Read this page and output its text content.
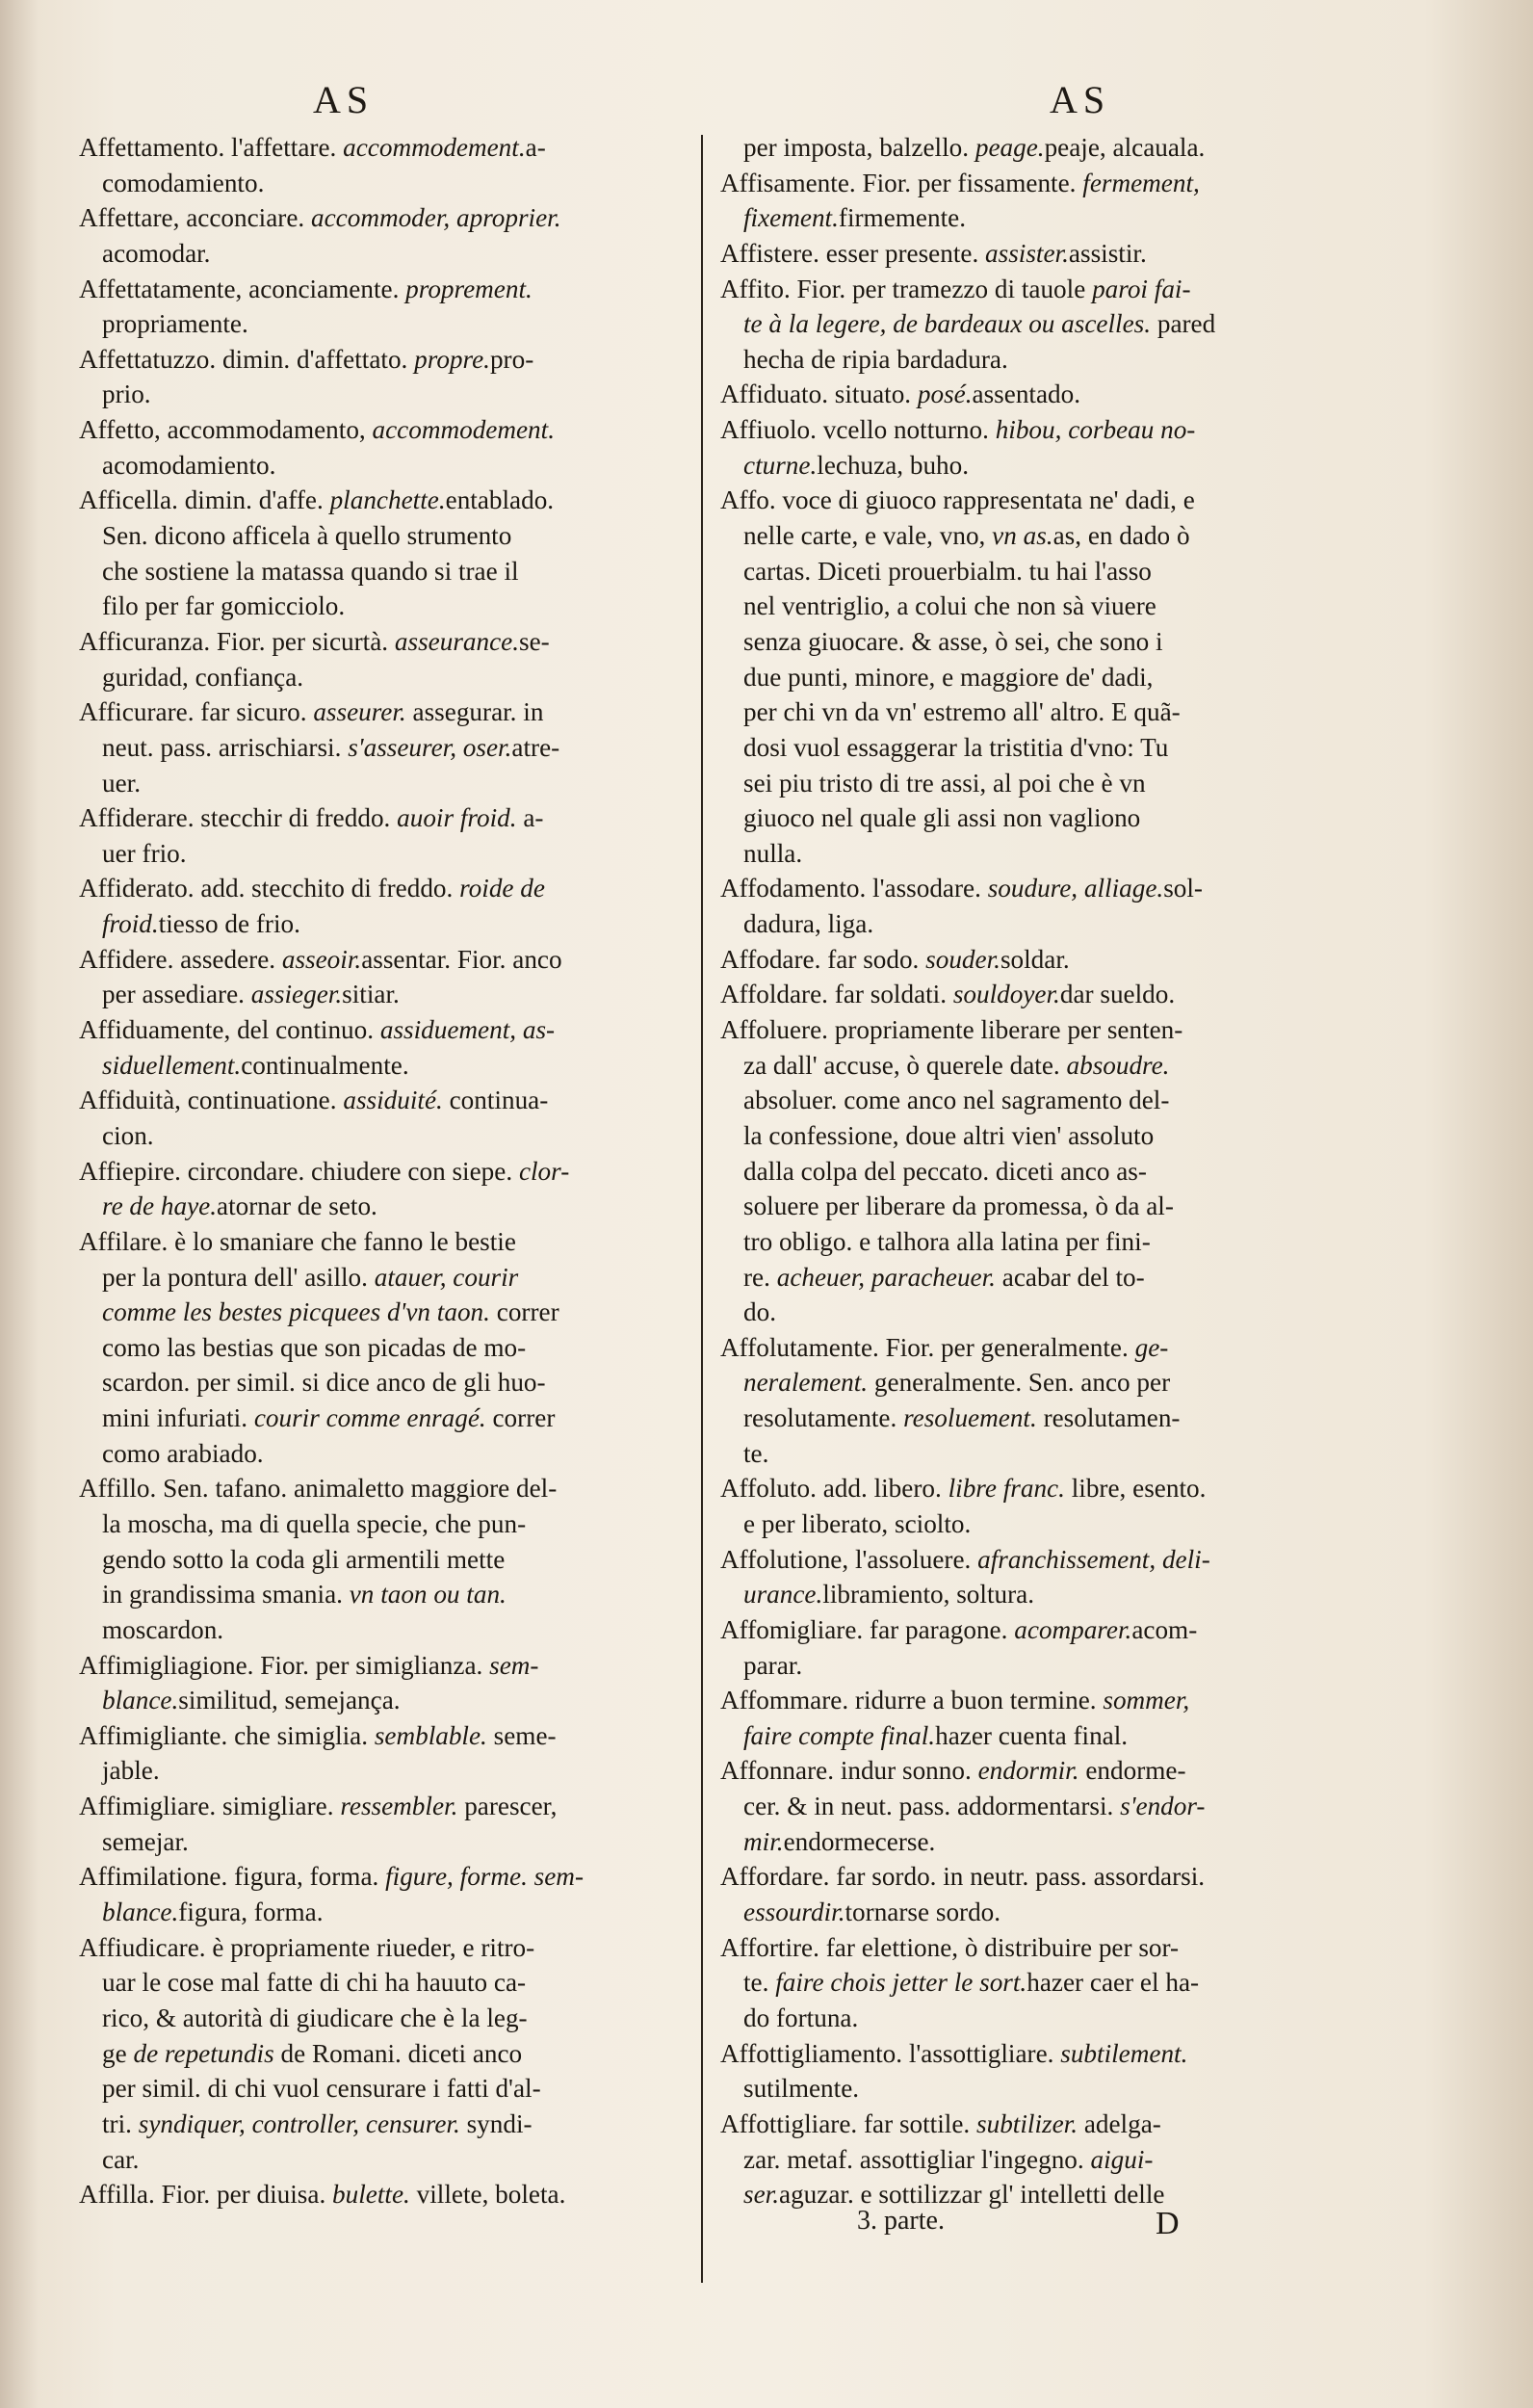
AS	AS
Affettamento. l'affettare. accommodement.a-
comodamiento.
Affettare, acconciare. accommoder, aproprier.
acomodar.
Affettatamente, aconciamente. proprement.
propriamente.
Affettatuzzo. dimin. d'affettato. propre.pro-
prio.
Affetto, accommodamento, accommodement.
acomodamiento.
Afficella. dimin. d'affe. planchette.entablado.
Sen. dicono afficela à quello strumento
che sostiene la matassa quando si trae il
filo per far gomicciolo.
Afficuranza. Fior. per sicurtà. asseurance.se-
guridad, confiança.
Afficurare. far sicuro. asseurer. assegurar. in
neut. pass. arrischiarsi. s'asseurer, oser.atre-
uer.
Affiderare. stecchir di freddo. auoir froid. a-
uer frio.
Affiderato. add. stecchito di freddo. roide de
froid.tiesso de frio.
Affidere. assedere. asseoir.assentar. Fior. anco
per assediare. assieger.sitiar.
Affiduamente, del continuo. assiduement, as-
siduellement.continualmente.
Affiduità, continuatione. assiduité. continua-
cion.
Affiepire. circondare. chiudere con siepe. clor-
re de haye.atornar de seto.
Affilare. è lo smaniare che fanno le bestie
per la pontura dell' asillo. atauer, courir
comme les bestes picquees d'vn taon. correr
como las bestias que son picadas de mo-
scardon. per simil. si dice anco de gli huo-
mini infuriati. courir comme enragé. correr
como arabiado.
Affillo. Sen. tafano. animaletto maggiore del-
la moscha, ma di quella specie, che pun-
gendo sotto la coda gli armentili mette
in grandissima smania. vn taon ou tan.
moscardon.
Affimigliagione. Fior. per simiglianza. sem-
blance.similitud, semejança.
Affimigliante. che simiglia. semblable. seme-
jable.
Affimigliare. simigliare. ressembler. parescer,
semejar.
Affimilatione. figura, forma. figure, forme. sem-
blance.figura, forma.
Affiudicare. è propriamente riueder, e ritro-
uar le cose mal fatte di chi ha hauuto ca-
rico, & autorità di giudicare che è la leg-
ge de repetundis de Romani. diceti anco
per simil. di chi vuol censurare i fatti d'al-
tri. syndiquer, controller, censurer. syndi-
car.
Affilla. Fior. per diuisa. bulette. villete, boleta.
per imposta, balzello. peage.peaje, alcauala.
Affisamente. Fior. per fissamente. fermement,
fixement.firmemente.
Affistere. esser presente. assister.assistir.
Affito. Fior. per tramezzo di tauole paroi fai-
te à la legere, de bardeaux ou ascelles. pared
hecha de ripia bardadura.
Affiduato. situato. posé.assentado.
Affiuolo. vcello notturno. hibou, corbeau no-
cturne.lechuza, buho.
Affo. voce di giuoco rappresentata ne' dadi, e
nelle carte, e vale, vno, vn as.as, en dado ò
cartas. Diceti prouerbialm. tu hai l'asso
nel ventriglio, a colui che non sà viuere
senza giuocare. & asse, ò sei, che sono i
due punti, minore, e maggiore de' dadi,
per chi vn da vn' estremo all' altro. E quã-
dosi vuol essaggerar la tristitia d'vno: Tu
sei piu tristo di tre assi, al poi che è vn
giuoco nel quale gli assi non vagliono
nulla.
Affodamento. l'assodare. soudure, alliage.sol-
dadura, liga.
Affodare. far sodo. souder.soldar.
Affoldare. far soldati. souldoyer.dar sueldo.
Affoluere. propriamente liberare per senten-
za dall' accuse, ò querele date. absoudre.
absoluer. come anco nel sagramento del-
la confessione, doue altri vien' assoluto
dalla colpa del peccato. diceti anco as-
soluere per liberare da promessa, ò da al-
tro obligo. e talhora alla latina per fini-
re. acheuer, paracheuer. acabar del to-
do.
Affolutamente. Fior. per generalmente. ge-
neralement. generalmente. Sen. anco per
resolutamente. resoluement. resolutamen-
te.
Affoluto. add. libero. libre franc. libre, esento.
e per liberato, sciolto.
Affolutione, l'assoluere. afranchissement, deli-
urance.libramiento, soltura.
Affomigliare. far paragone. acomparer.acom-
parar.
Affommare. ridurre a buon termine. sommer,
faire compte final.hazer cuenta final.
Affonnare. indur sonno. endormir. endorme-
cer. & in neut. pass. addormentarsi. s'endor-
mir.endormecerse.
Affordare. far sordo. in neutr. pass. assordarsi.
essourdir.tornarse sordo.
Affortire. far elettione, ò distribuire per sor-
te. faire chois jetter le sort.hazer caer el ha-
do fortuna.
Affottigliamento. l'assottigliare. subtilement.
sutilmente.
Affottigliare. far sottile. subtilizer. adelga-
zar. metaf. assottigliar l'ingegno. aigui-
ser.aguzar. e sottilizzar gl' intelletti delle
3. parte.	D
